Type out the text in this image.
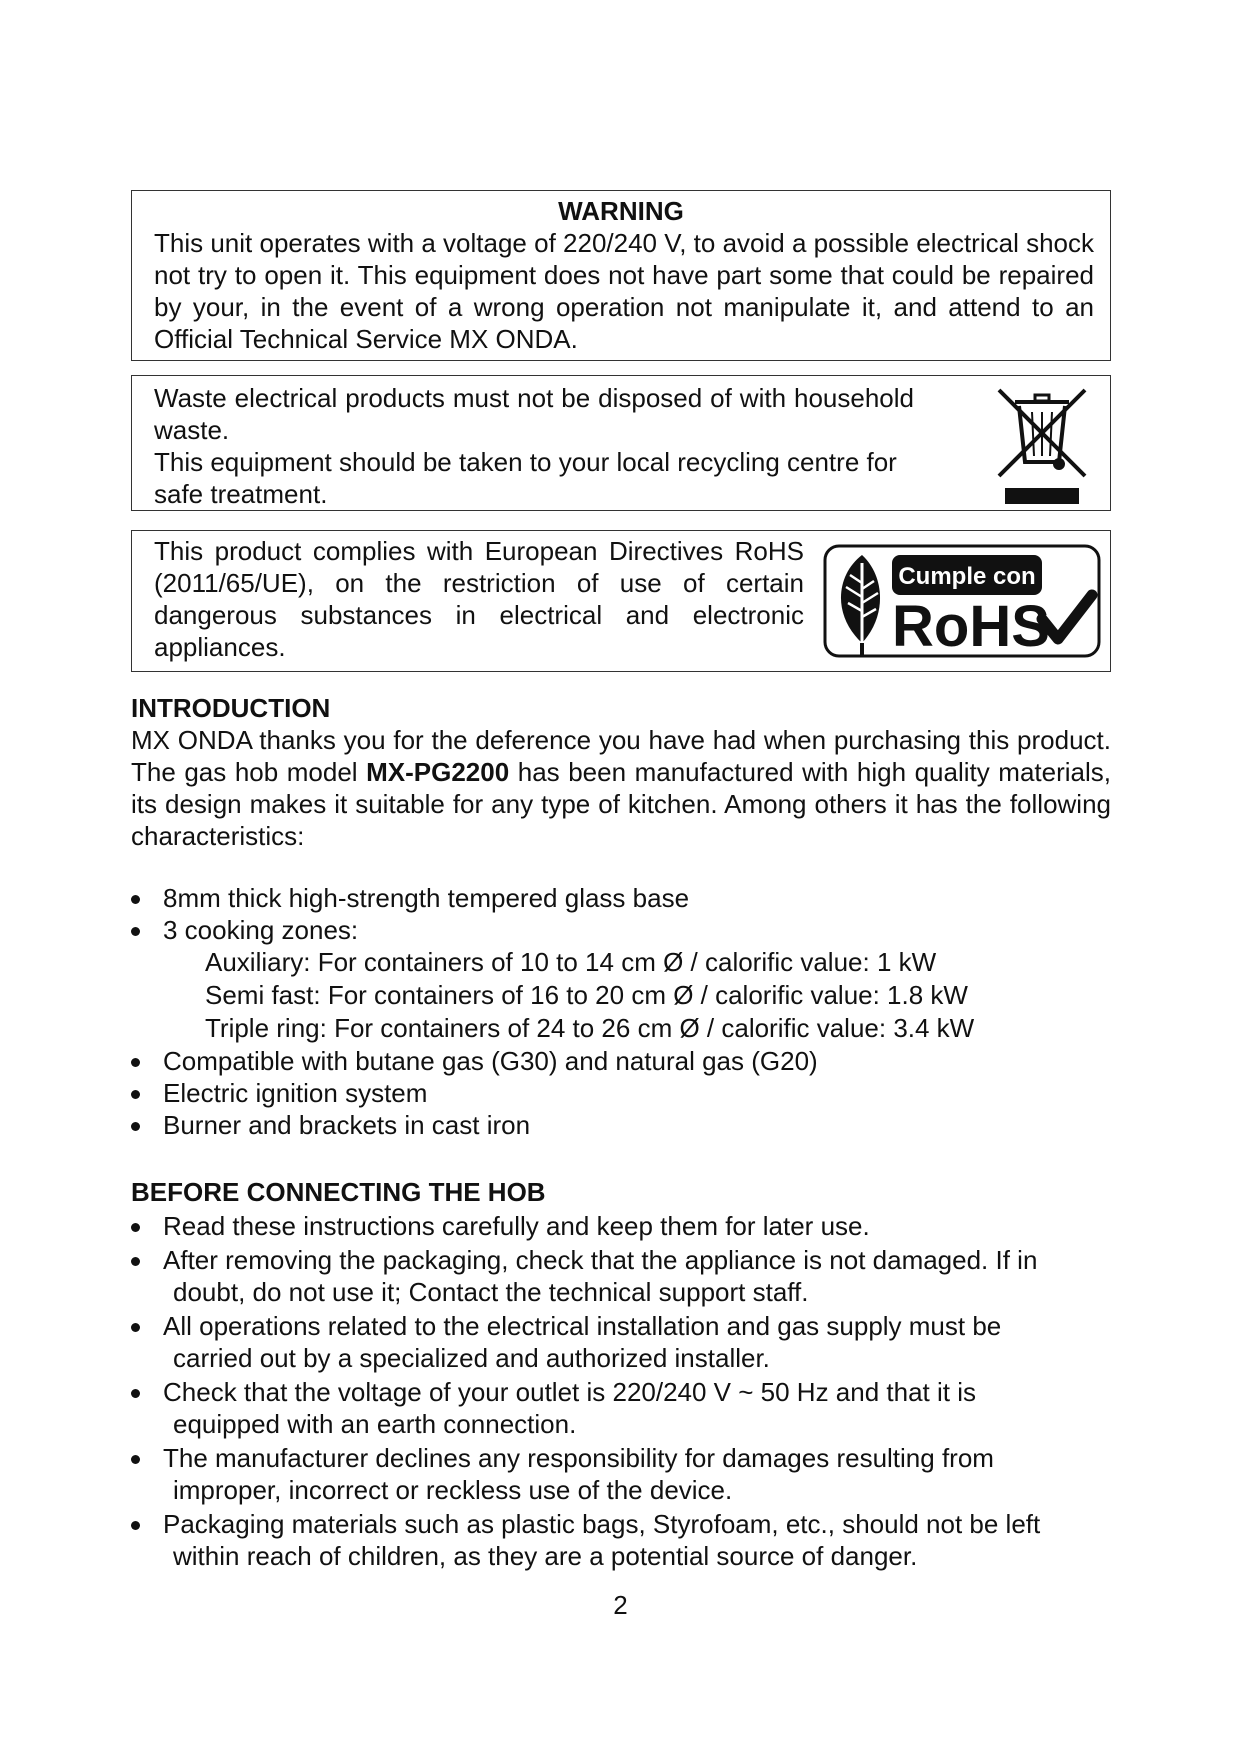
WARNING
This unit operates with a voltage of 220/240 V, to avoid a possible electrical shock not try to open it. This equipment does not have part some that could be repaired by your, in the event of a wrong operation not manipulate it, and attend to an Official Technical Service MX ONDA.
Waste electrical products must not be disposed of with household waste.
This equipment should be taken to your local recycling centre for safe treatment.
This product complies with European Directives RoHS (2011/65/UE), on the restriction of use of certain dangerous substances in electrical and electronic appliances.
Cumple con
RoHS
INTRODUCTION

MX ONDA thanks you for the deference you have had when purchasing this product. The gas hob model MX-PG2200 has been manufactured with high quality materials, its design makes it suitable for any type of kitchen. Among others it has the following characteristics:

8mm thick high-strength tempered glass base
3 cooking zones:
Auxiliary: For containers of 10 to 14 cm Ø / calorific value: 1 kW
Semi fast: For containers of 16 to 20 cm Ø / calorific value: 1.8 kW
Triple ring: For containers of 24 to 26 cm Ø / calorific value: 3.4 kW
Compatible with butane gas (G30) and natural gas (G20)
Electric ignition system
Burner and brackets in cast iron
BEFORE CONNECTING THE HOB
Read these instructions carefully and keep them for later use.
After removing the packaging, check that the appliance is not damaged. If in
doubt, do not use it; Contact the technical support staff.
All operations related to the electrical installation and gas supply must be
carried out by a specialized and authorized installer.
Check that the voltage of your outlet is 220/240 V ~ 50 Hz and that it is
equipped with an earth connection.
The manufacturer declines any responsibility for damages resulting from
improper, incorrect or reckless use of the device.
Packaging materials such as plastic bags, Styrofoam, etc., should not be left
within reach of children, as they are a potential source of danger.
2
